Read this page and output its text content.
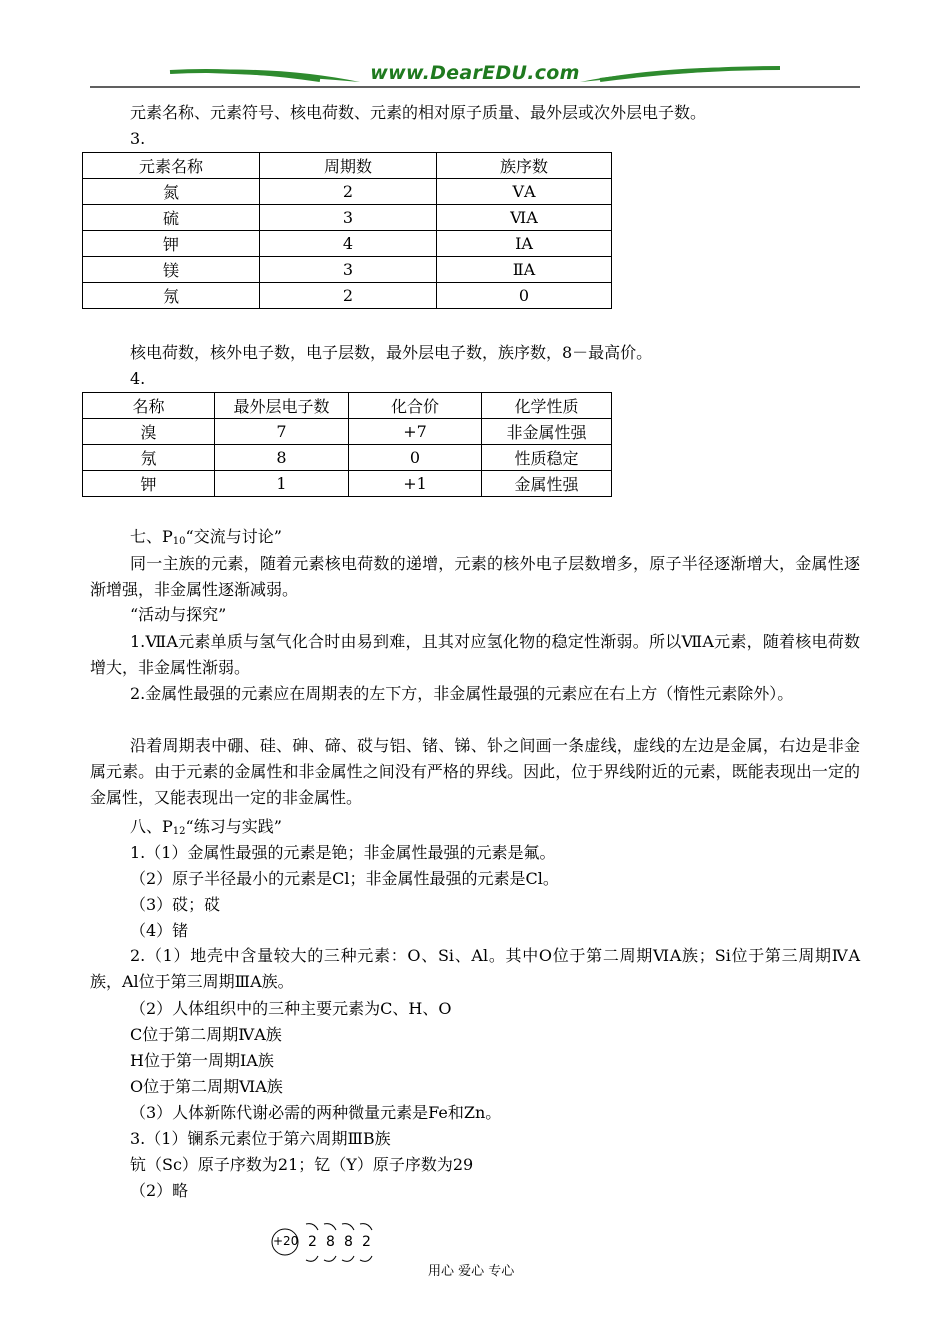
www.DearEDU.com
元素名称、元素符号、核电荷数、元素的相对原子质量、最外层或次外层电子数。
3.
元素名称	周期数	族序数
氮	2	ⅤA
硫	3	ⅥA
钾	4	ⅠA
镁	3	ⅡA
氖	2	0
核电荷数，核外电子数，电子层数，最外层电子数，族序数，8－最高价。
4.
名称	最外层电子数	化合价	化学性质
溴	7	+7	非金属性强
氖	8	0	性质稳定
钾	1	+1	金属性强
七、$P_{10}“$交流与讨论”
同一主族的元素，随着元素核电荷数的递增，元素的核外电子层数增多，原子半径逐渐增大，金属性逐渐增强，非金属性逐渐减弱。
“活动与探究”
1.ⅦA元素单质与氢气化合时由易到难，且其对应氢化物的稳定性渐弱。所以ⅦA元素，随着核电荷数增大，非金属性渐弱。
2.金属性最强的元素应在周期表的左下方，非金属性最强的元素应在右上方（惰性元素除外）。
沿着周期表中硼、硅、砷、碲、砹与铝、锗、锑、钋之间画一条虚线，虚线的左边是金属，右边是非金属元素。由于元素的金属性和非金属性之间没有严格的界线。因此，位于界线附近的元素，既能表现出一定的金属性，又能表现出一定的非金属性。
八、$P_{12}“$练习与实践”
1.（1）金属性最强的元素是铯；非金属性最强的元素是氟。
（2）原子半径最小的元素是Cl；非金属性最强的元素是Cl。
（3）砹；砹
（4）锗
2.（1）地壳中含量较大的三种元素：O、Si、Al。其中O位于第二周期ⅥA族；Si位于第三周期ⅣA族，Al位于第三周期ⅢA族。
（2）人体组织中的三种主要元素为C、H、O
C位于第二周期ⅣA族
H位于第一周期ⅠA族
O位于第二周期ⅥA族
（3）人体新陈代谢必需的两种微量元素是Fe和Zn。
3.（1）镧系元素位于第六周期ⅢB族
钪（Sc）原子序数为21；钇（Y）原子序数为29
（2）略
+20 2 8 8 2
用心 爱心 专心
